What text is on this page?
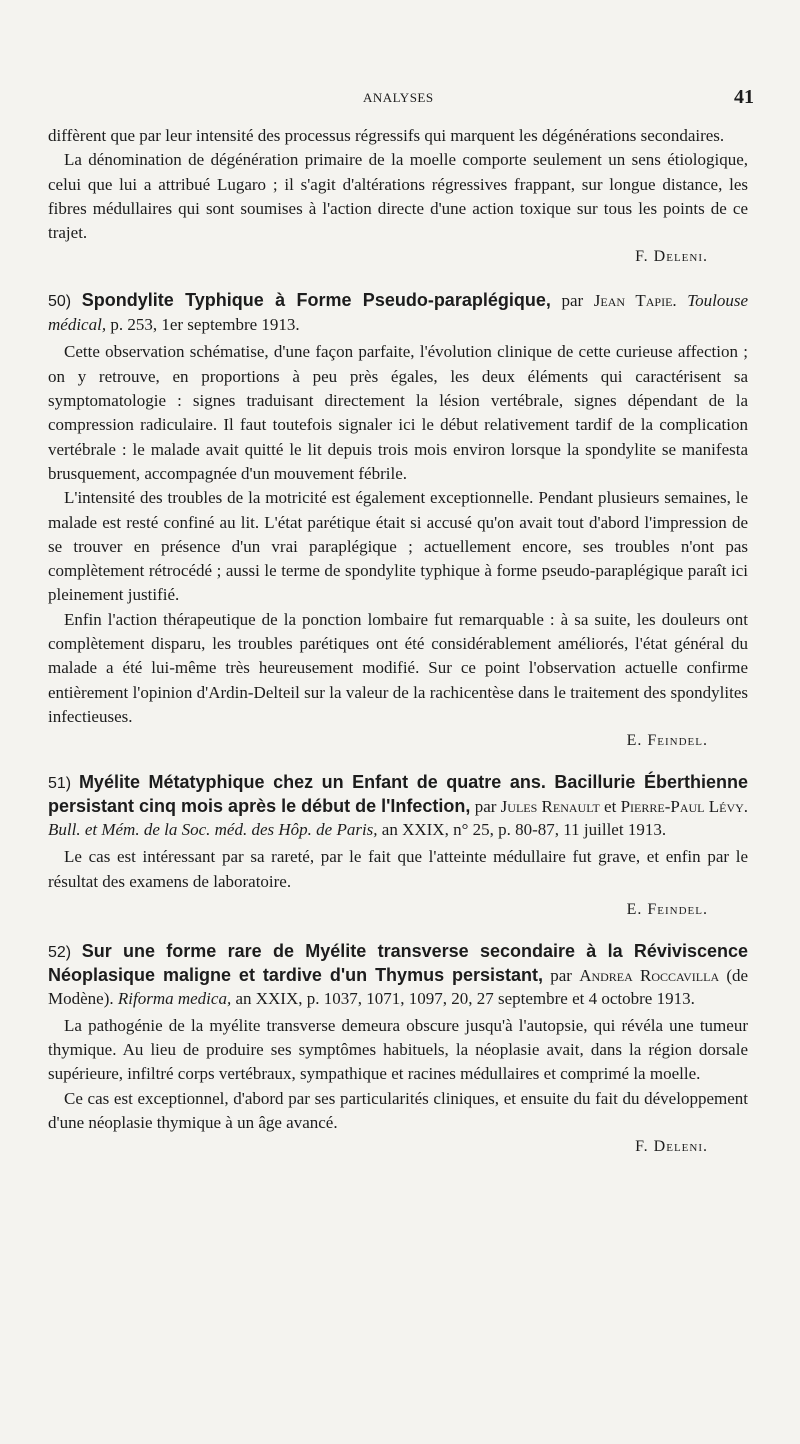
ANALYSES	41

diffèrent que par leur intensité des processus régressifs qui marquent les dégénérations secondaires.

La dénomination de dégénération primaire de la moelle comporte seulement un sens étiologique, celui que lui a attribué Lugaro ; il s'agit d'altérations régressives frappant, sur longue distance, les fibres médullaires qui sont soumises à l'action directe d'une action toxique sur tous les points de ce trajet.

F. Deleni.

50) Spondylite Typhique à Forme Pseudo-paraplégique, par Jean Tapie. Toulouse médical, p. 253, 1er septembre 1913.

Cette observation schématise, d'une façon parfaite, l'évolution clinique de cette curieuse affection ; on y retrouve, en proportions à peu près égales, les deux éléments qui caractérisent sa symptomatologie : signes traduisant directement la lésion vertébrale, signes dépendant de la compression radiculaire. Il faut toutefois signaler ici le début relativement tardif de la complication vertébrale : le malade avait quitté le lit depuis trois mois environ lorsque la spondylite se manifesta brusquement, accompagnée d'un mouvement fébrile.

L'intensité des troubles de la motricité est également exceptionnelle. Pendant plusieurs semaines, le malade est resté confiné au lit. L'état parétique était si accusé qu'on avait tout d'abord l'impression de se trouver en présence d'un vrai paraplégique ; actuellement encore, ses troubles n'ont pas complètement rétrocédé ; aussi le terme de spondylite typhique à forme pseudo-paraplégique paraît ici pleinement justifié.

Enfin l'action thérapeutique de la ponction lombaire fut remarquable : à sa suite, les douleurs ont complètement disparu, les troubles parétiques ont été considérablement améliorés, l'état général du malade a été lui-même très heureusement modifié. Sur ce point l'observation actuelle confirme entièrement l'opinion d'Ardin-Delteil sur la valeur de la rachicentèse dans le traitement des spondylites infectieuses.

E. Feindel.

51) Myélite Métatyphique chez un Enfant de quatre ans. Bacillurie Éberthienne persistant cinq mois après le début de l'Infection, par Jules Renault et Pierre-Paul Lévy. Bull. et Mém. de la Soc. méd. des Hôp. de Paris, an XXIX, n° 25, p. 80-87, 11 juillet 1913.

Le cas est intéressant par sa rareté, par le fait que l'atteinte médullaire fut grave, et enfin par le résultat des examens de laboratoire.

E. Feindel.

52) Sur une forme rare de Myélite transverse secondaire à la Réviviscence Néoplasique maligne et tardive d'un Thymus persistant, par Andrea Roccavilla (de Modène). Riforma medica, an XXIX, p. 1037, 1071, 1097, 20, 27 septembre et 4 octobre 1913.

La pathogénie de la myélite transverse demeura obscure jusqu'à l'autopsie, qui révéla une tumeur thymique. Au lieu de produire ses symptômes habituels, la néoplasie avait, dans la région dorsale supérieure, infiltré corps vertébraux, sympathique et racines médullaires et comprimé la moelle.

Ce cas est exceptionnel, d'abord par ses particularités cliniques, et ensuite du fait du développement d'une néoplasie thymique à un âge avancé.

F. Deleni.
